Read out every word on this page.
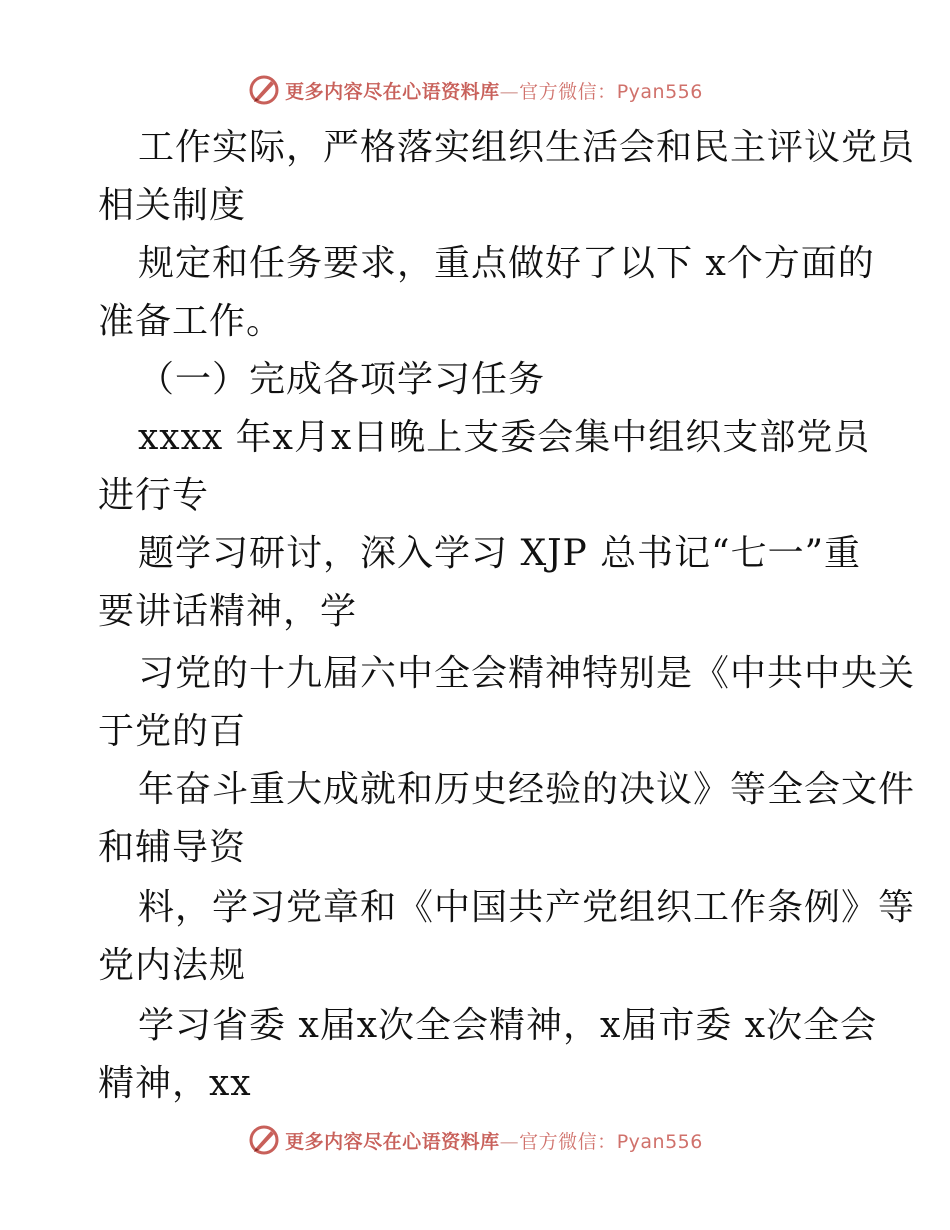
更多内容尽在心语资料库—官方微信：Pyan556
工作实际，严格落实组织生活会和民主评议党员
相关制度
规定和任务要求，重点做好了以下 x个方面的
准备工作。
（一）完成各项学习任务
xxxx 年x月x日晚上支委会集中组织支部党员
进行专
题学习研讨，深入学习 XJP 总书记“七一”重
要讲话精神，学
习党的十九届六中全会精神特别是《中共中央关
于党的百
年奋斗重大成就和历史经验的决议》等全会文件
和辅导资
料，学习党章和《中国共产党组织工作条例》等
党内法规
学习省委 x届x次全会精神，x届市委 x次全会
精神，xx
更多内容尽在心语资料库—官方微信：Pyan556
